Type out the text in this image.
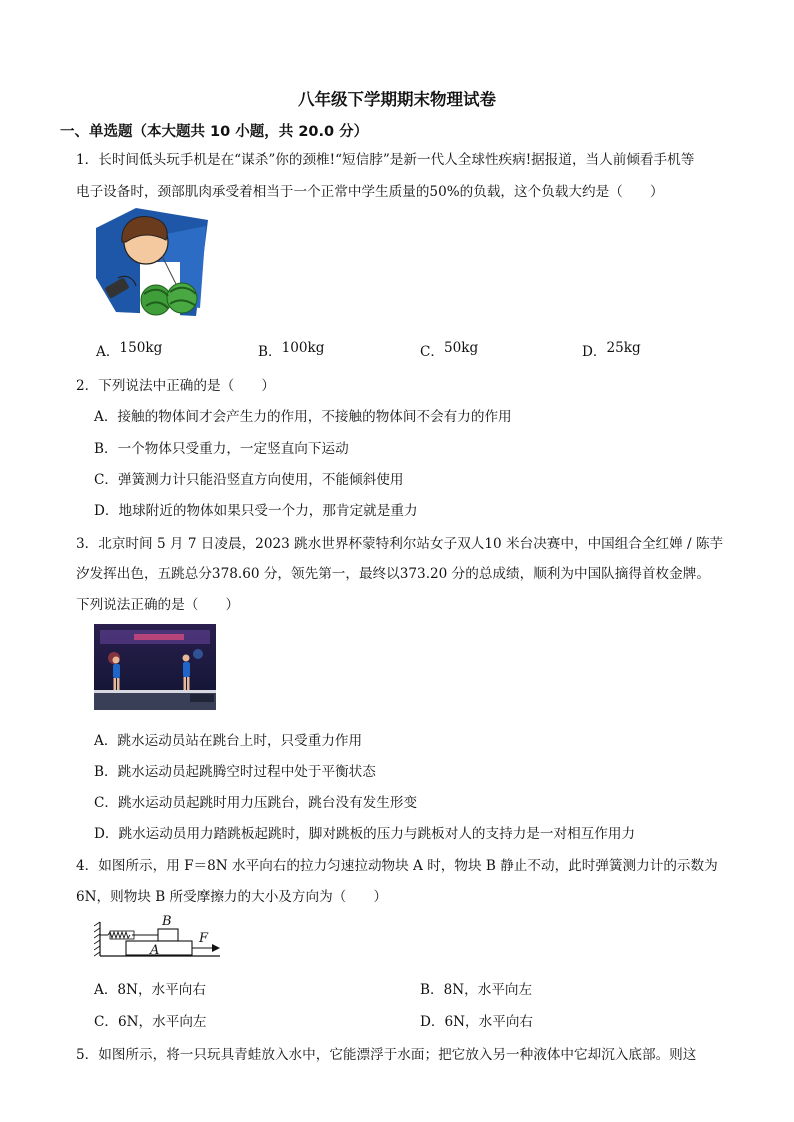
八年级下学期期末物理试卷
一、单选题（本大题共 10 小题，共 20.0 分）
1．长时间低头玩手机是在“谋杀”你的颈椎!“短信脖”是新一代人全球性疾病!据报道，当人前倾看手机等
电子设备时，颈部肌肉承受着相当于一个正常中学生质量的50%的负载，这个负载大约是（　　）
A．150kg	B．100kg	C．50kg	D．25kg
2．下列说法中正确的是（　　）
A．接触的物体间才会产生力的作用，不接触的物体间不会有力的作用
B．一个物体只受重力，一定竖直向下运动
C．弹簧测力计只能沿竖直方向使用，不能倾斜使用
D．地球附近的物体如果只受一个力，那肯定就是重力
3．北京时间 5 月 7 日凌晨，2023 跳水世界杯蒙特利尔站女子双人10 米台决赛中，中国组合全红婵 / 陈芋
汐发挥出色，五跳总分378.60 分，领先第一，最终以373.20 分的总成绩，顺利为中国队摘得首枚金牌。
下列说法正确的是（　　）
A．跳水运动员站在跳台上时，只受重力作用
B．跳水运动员起跳腾空时过程中处于平衡状态
C．跳水运动员起跳时用力压跳台，跳台没有发生形变
D．跳水运动员用力踏跳板起跳时，脚对跳板的压力与跳板对人的支持力是一对相互作用力
4．如图所示，用 F＝8N 水平向右的拉力匀速拉动物块 A 时，物块 B 静止不动，此时弹簧测力计的示数为
6N，则物块 B 所受摩擦力的大小及方向为（　　）
B
A
F
A．8N，水平向右	B．8N，水平向左
C．6N，水平向左	D．6N，水平向右
5．如图所示，将一只玩具青蛙放入水中，它能漂浮于水面；把它放入另一种液体中它却沉入底部。则这
